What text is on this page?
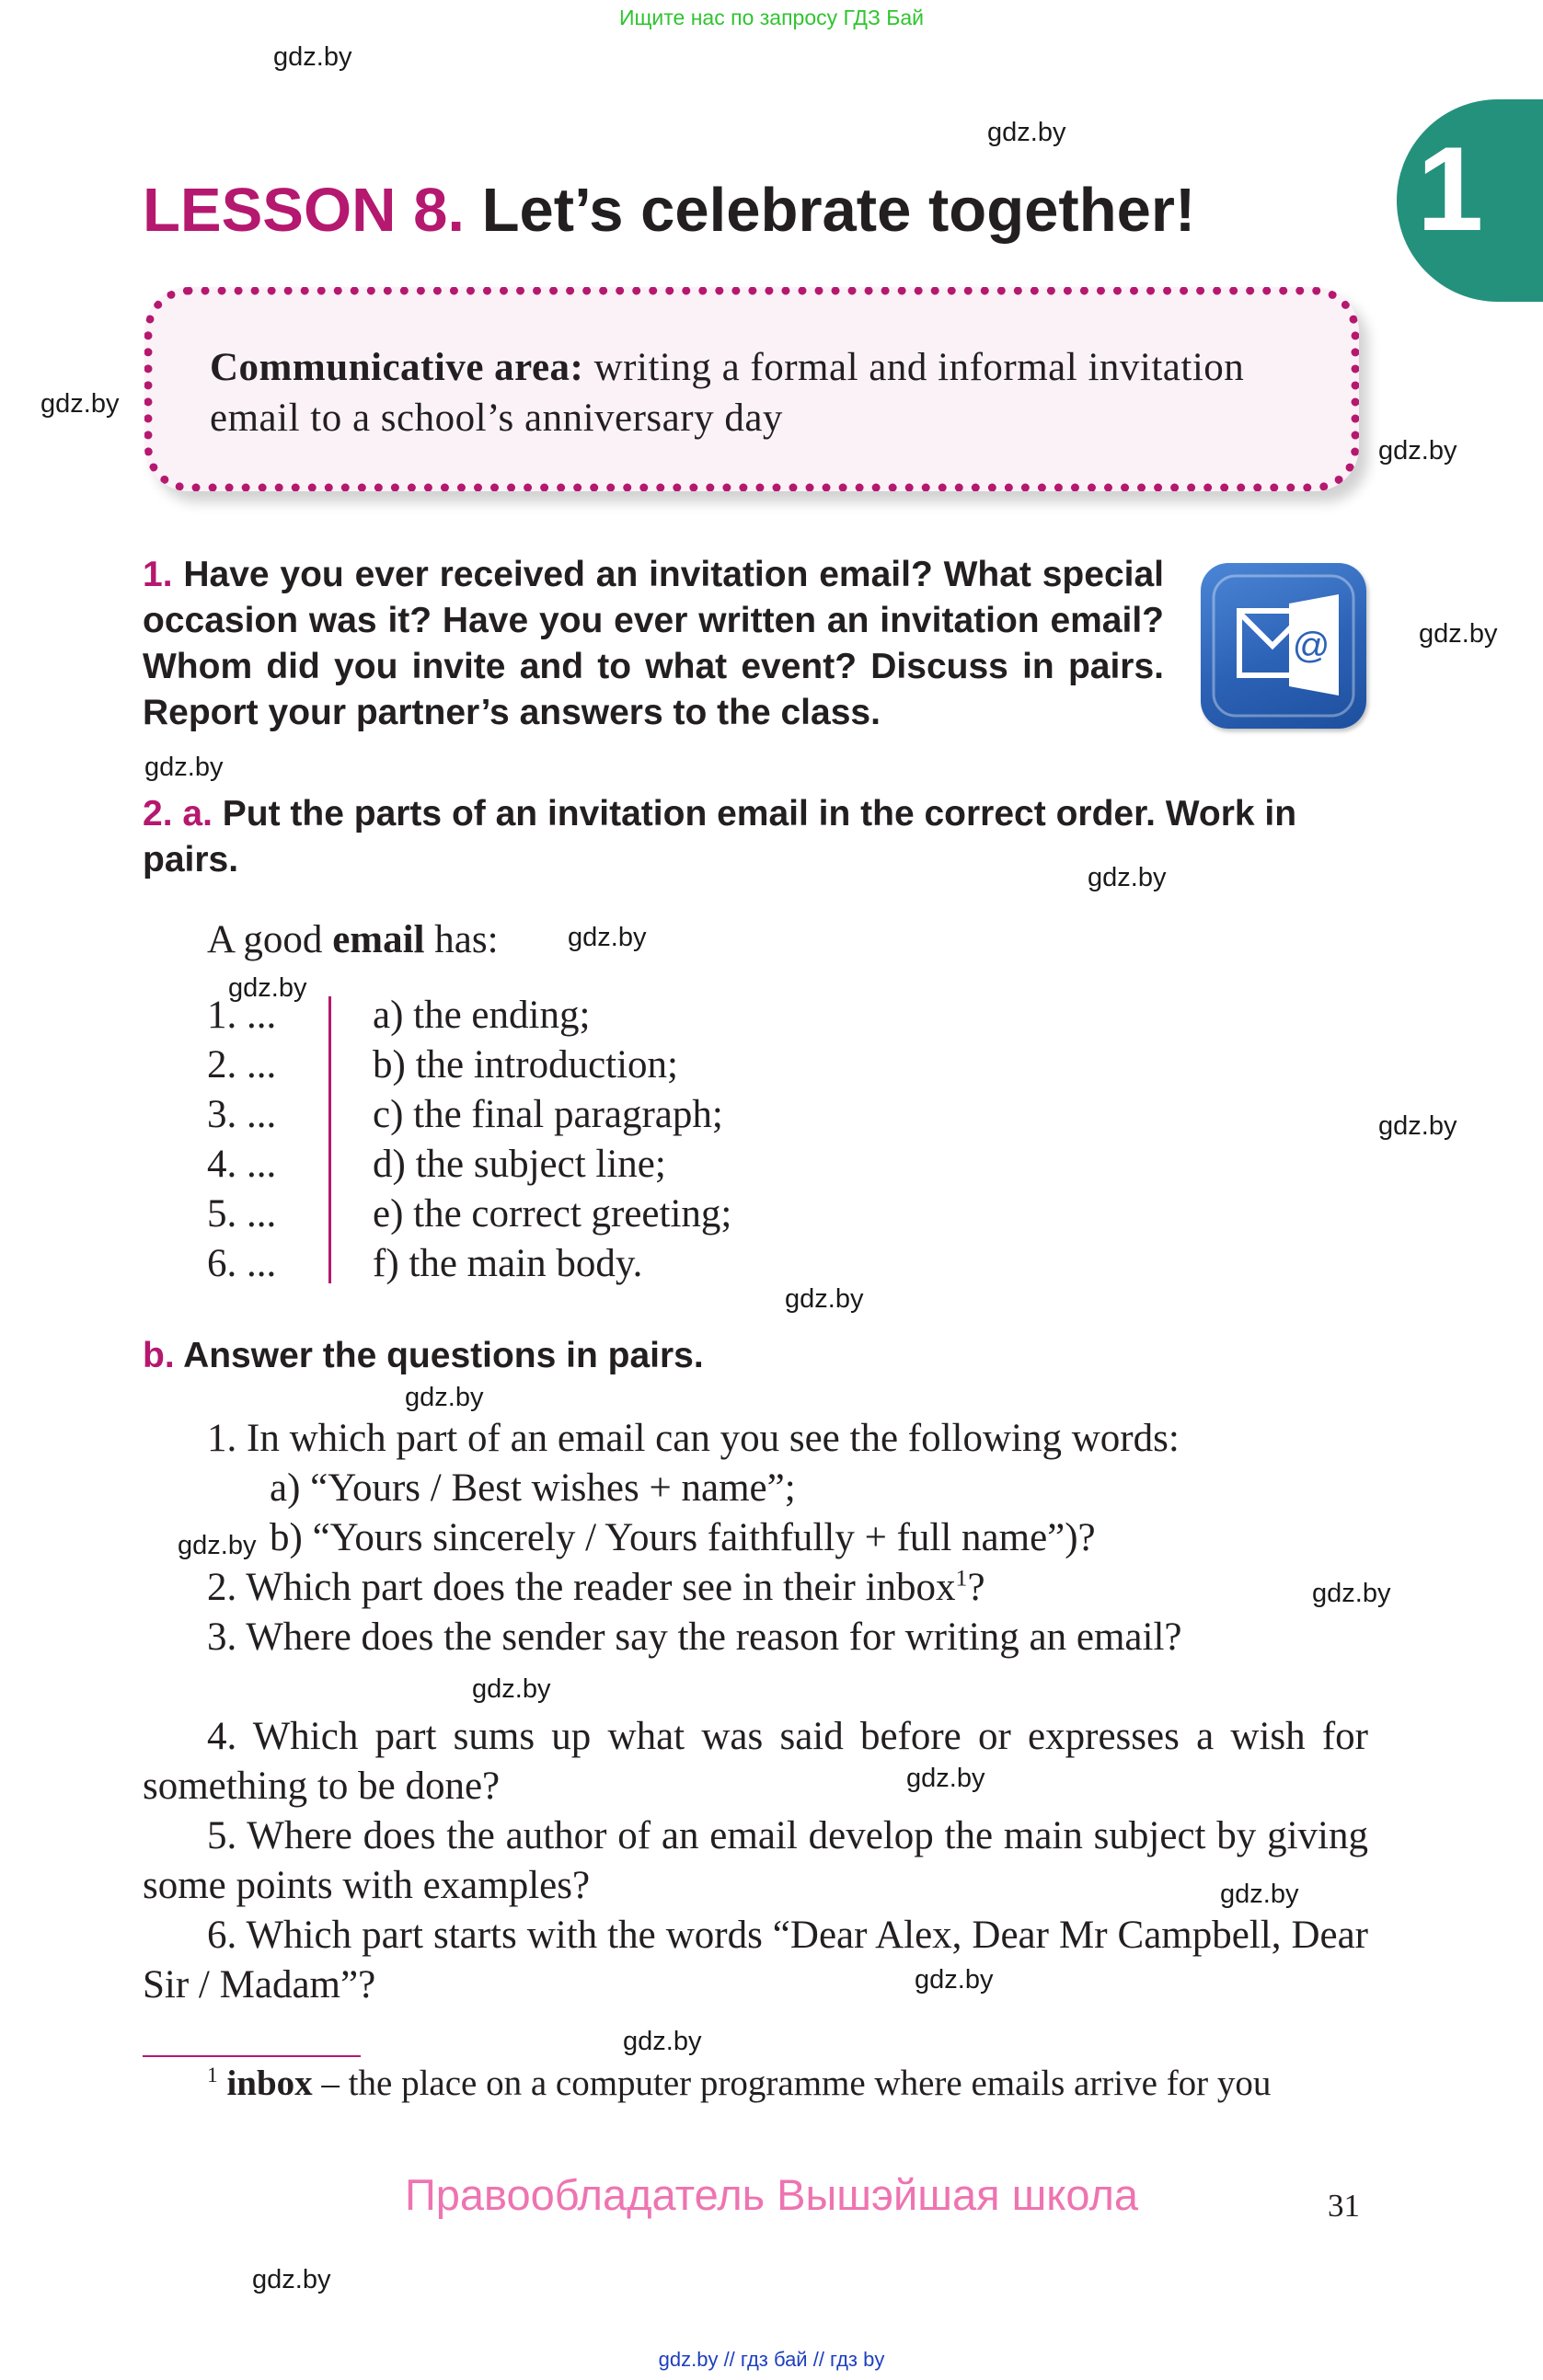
Ищите нас по запросу ГДЗ Бай
gdz.by
gdz.by
gdz.by
gdz.by
gdz.by
gdz.by
gdz.by
gdz.by
gdz.by
gdz.by
gdz.by
gdz.by
gdz.by
gdz.by
gdz.by
gdz.by
gdz.by
gdz.by
gdz.by
gdz.by
1
LESSON 8. Let’s celebrate together!
Communicative area: writing a formal and informal invitation email to a school’s anniversary day
1. Have you ever received an invitation email? What special occasion was it? Have you ever written an invitation email? Whom did you invite and to what event? Discuss in pairs. Report your partner’s answers to the class.
@
2. a. Put the parts of an invitation email in the correct order. Work in pairs.
A good email has:
1. ...
2. ...
3. ...
4. ...
5. ...
6. ...
a) the ending;
b) the introduction;
c) the final paragraph;
d) the subject line;
e) the correct greeting;
f) the main body.
b. Answer the questions in pairs.
1. In which part of an email can you see the following words:
a) “Yours / Best wishes + name”;
b) “Yours sincerely / Yours faithfully + full name”)?
2. Which part does the reader see in their inbox$^1$?
3. Where does the sender say the reason for writing an email?
4. Which part sums up what was said before or expresses a wish for something to be done?
5. Where does the author of an email develop the main subject by giving some points with examples?
6. Which part starts with the words “Dear Alex, Dear Mr Campbell, Dear Sir / Madam”?
$^1$ inbox – the place on a computer programme where emails arrive for you
Правообладатель Вышэйшая школа	31
gdz.by // гдз бай // гдз by
